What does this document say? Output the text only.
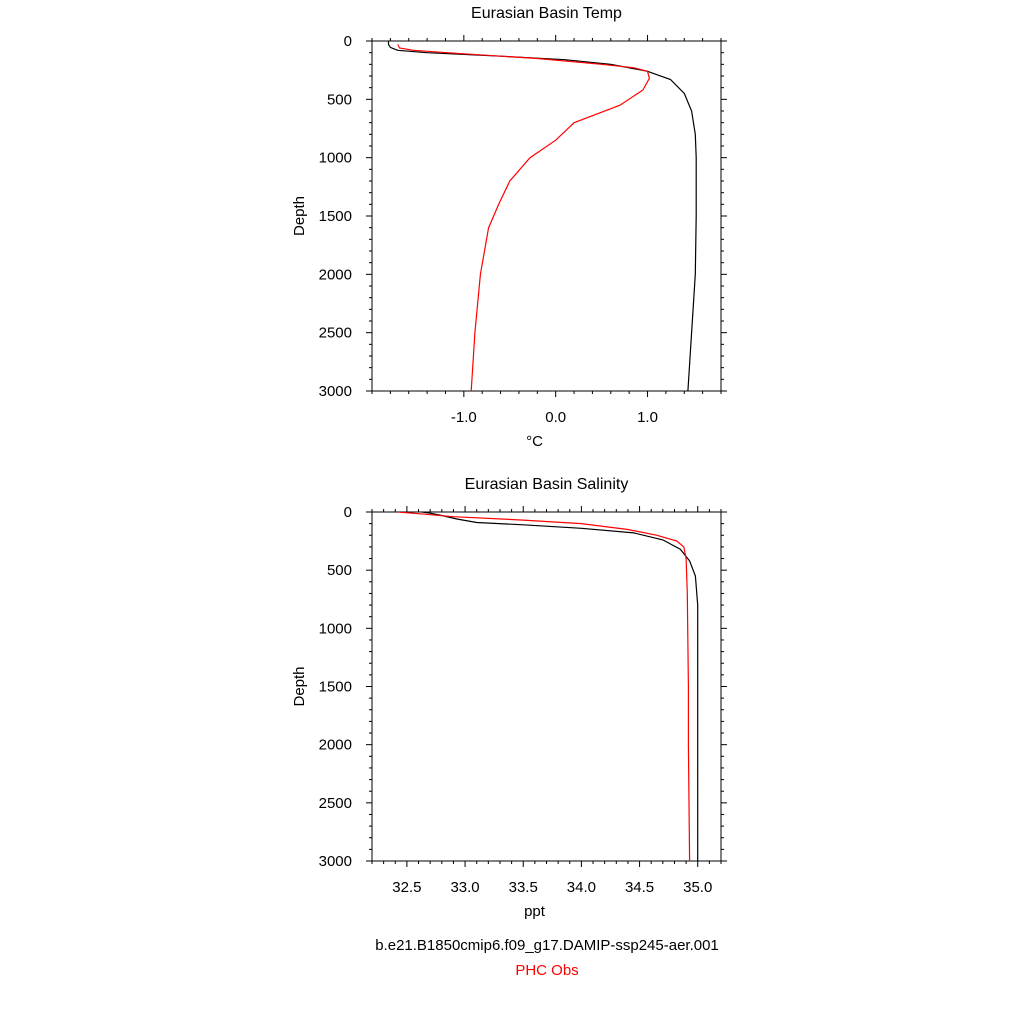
Eurasian Basin Temp
Depth
°C
0
500
1000
1500
2000
2500
3000
-1.0	0.0	1.0
Eurasian Basin Salinity
Depth
ppt
0
500
1000
1500
2000
2500
3000
32.5 33.0 33.5 34.0 34.5 35.0
b.e21.B1850cmip6.f09_g17.DAMIP-ssp245-aer.001
PHC Obs
